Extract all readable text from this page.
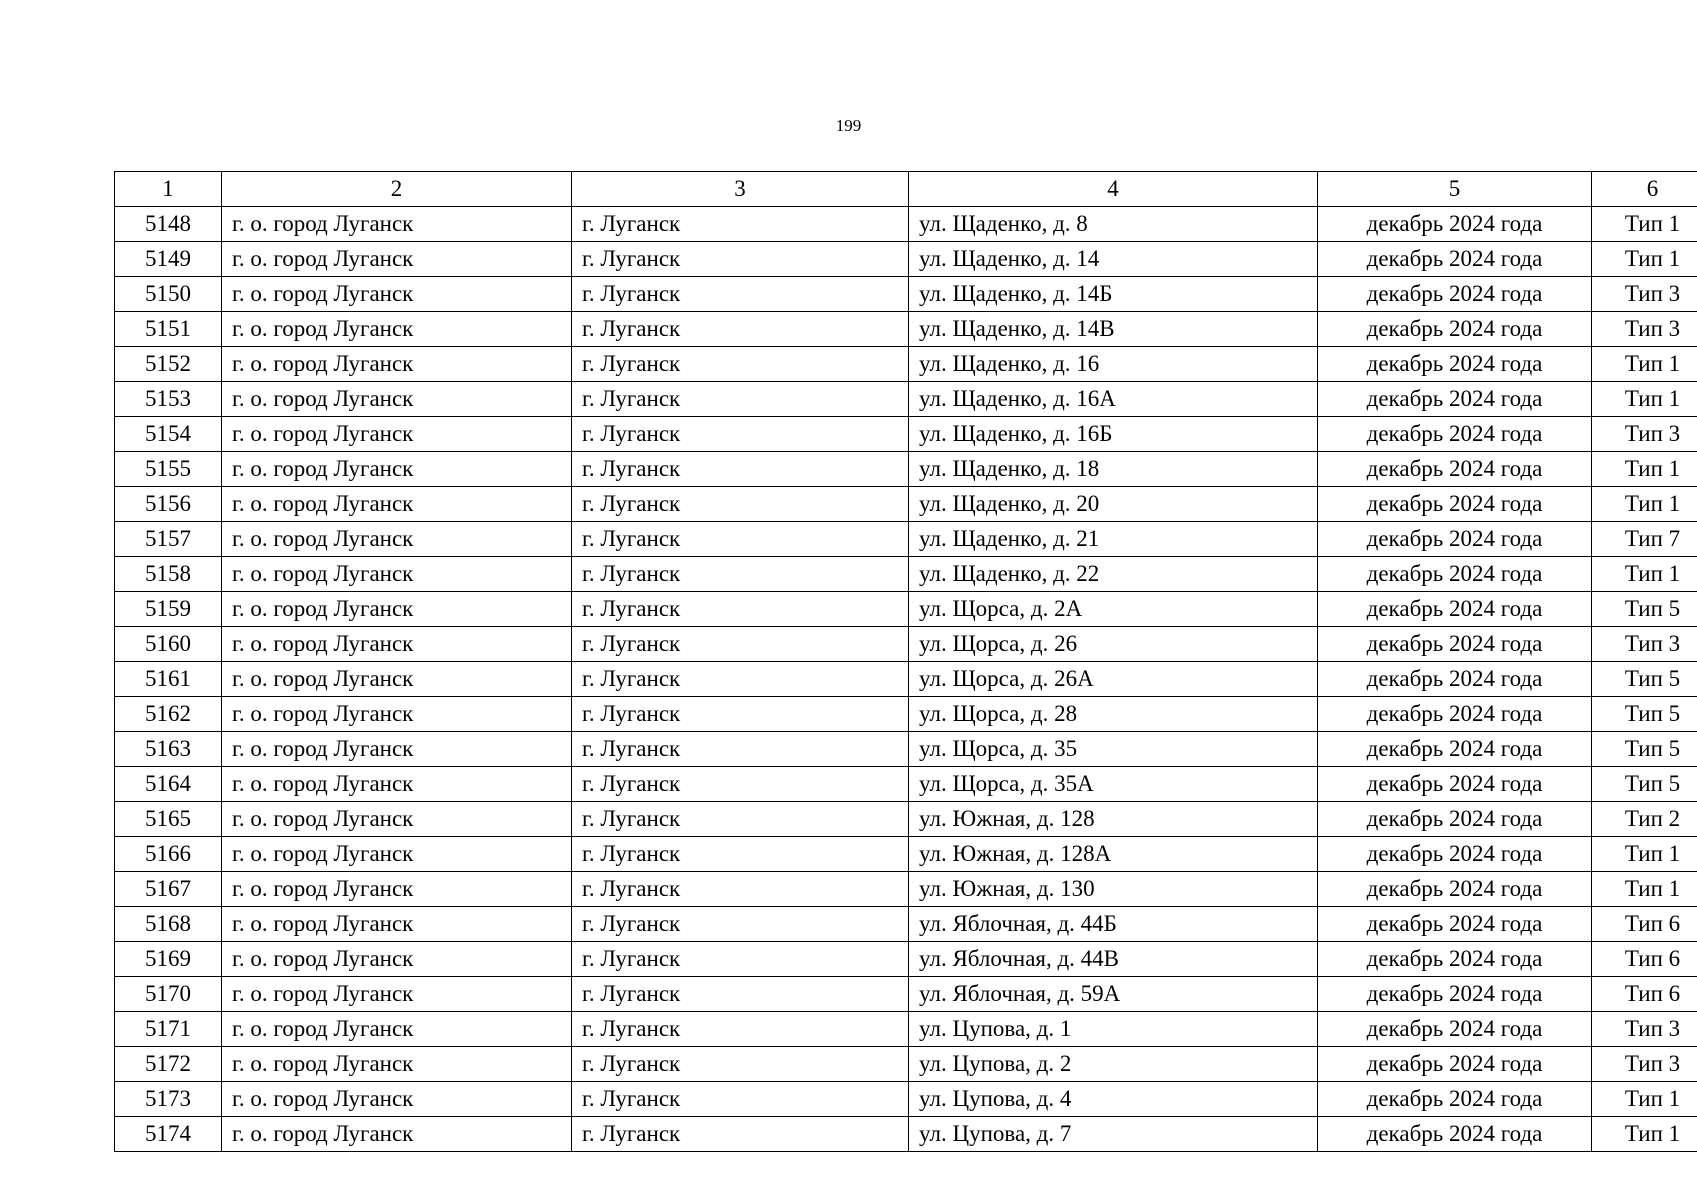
199
1	2	3	4	5	6
5148	г. о. город Луганск	г. Луганск	ул. Щаденко, д. 8	декабрь 2024 года	Тип 1
5149	г. о. город Луганск	г. Луганск	ул. Щаденко, д. 14	декабрь 2024 года	Тип 1
5150	г. о. город Луганск	г. Луганск	ул. Щаденко, д. 14Б	декабрь 2024 года	Тип 3
5151	г. о. город Луганск	г. Луганск	ул. Щаденко, д. 14В	декабрь 2024 года	Тип 3
5152	г. о. город Луганск	г. Луганск	ул. Щаденко, д. 16	декабрь 2024 года	Тип 1
5153	г. о. город Луганск	г. Луганск	ул. Щаденко, д. 16А	декабрь 2024 года	Тип 1
5154	г. о. город Луганск	г. Луганск	ул. Щаденко, д. 16Б	декабрь 2024 года	Тип 3
5155	г. о. город Луганск	г. Луганск	ул. Щаденко, д. 18	декабрь 2024 года	Тип 1
5156	г. о. город Луганск	г. Луганск	ул. Щаденко, д. 20	декабрь 2024 года	Тип 1
5157	г. о. город Луганск	г. Луганск	ул. Щаденко, д. 21	декабрь 2024 года	Тип 7
5158	г. о. город Луганск	г. Луганск	ул. Щаденко, д. 22	декабрь 2024 года	Тип 1
5159	г. о. город Луганск	г. Луганск	ул. Щорса, д. 2А	декабрь 2024 года	Тип 5
5160	г. о. город Луганск	г. Луганск	ул. Щорса, д. 26	декабрь 2024 года	Тип 3
5161	г. о. город Луганск	г. Луганск	ул. Щорса, д. 26А	декабрь 2024 года	Тип 5
5162	г. о. город Луганск	г. Луганск	ул. Щорса, д. 28	декабрь 2024 года	Тип 5
5163	г. о. город Луганск	г. Луганск	ул. Щорса, д. 35	декабрь 2024 года	Тип 5
5164	г. о. город Луганск	г. Луганск	ул. Щорса, д. 35А	декабрь 2024 года	Тип 5
5165	г. о. город Луганск	г. Луганск	ул. Южная, д. 128	декабрь 2024 года	Тип 2
5166	г. о. город Луганск	г. Луганск	ул. Южная, д. 128А	декабрь 2024 года	Тип 1
5167	г. о. город Луганск	г. Луганск	ул. Южная, д. 130	декабрь 2024 года	Тип 1
5168	г. о. город Луганск	г. Луганск	ул. Яблочная, д. 44Б	декабрь 2024 года	Тип 6
5169	г. о. город Луганск	г. Луганск	ул. Яблочная, д. 44В	декабрь 2024 года	Тип 6
5170	г. о. город Луганск	г. Луганск	ул. Яблочная, д. 59А	декабрь 2024 года	Тип 6
5171	г. о. город Луганск	г. Луганск	ул. Цупова, д. 1	декабрь 2024 года	Тип 3
5172	г. о. город Луганск	г. Луганск	ул. Цупова, д. 2	декабрь 2024 года	Тип 3
5173	г. о. город Луганск	г. Луганск	ул. Цупова, д. 4	декабрь 2024 года	Тип 1
5174	г. о. город Луганск	г. Луганск	ул. Цупова, д. 7	декабрь 2024 года	Тип 1
